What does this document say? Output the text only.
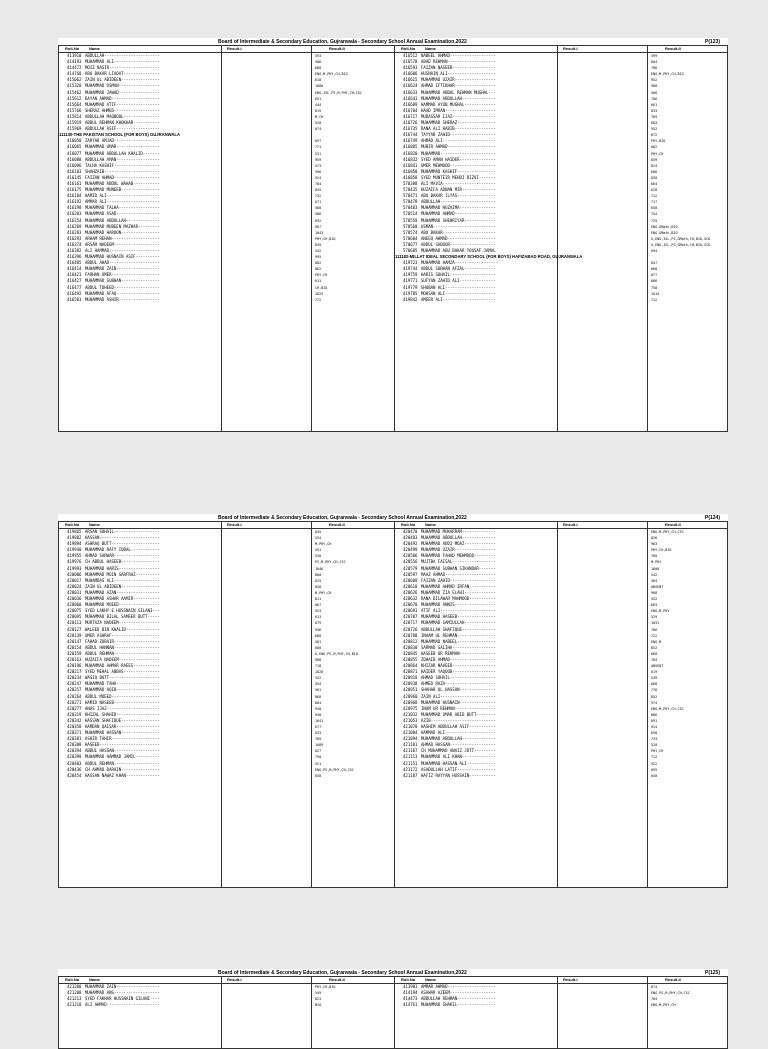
Board of Intermediate & Secondary Education, Gujranwala - Secondary School Annual Examination,2022	P(123)
Roll-No Name	Result-I	Result-II
413910 ABDULLAH-----------------------	593
414193 MUHAMMAD ALI-------------------	506
414472 MOIZ NASIR---------------------	688
414760 ABU BAKAR LIAQAT---------------	ENG,M,PHY,CH,BIO
415062 ZAIN UL ABIDEEN----------------	610
415320 MUHAMMAD USMAN-----------------	1088
415462 MUHAMMAD JAWAD-----------------	ENG,ISL,PS,M,PHY,CH,CSC
415612 DAYAN AHMAD--------------------	651
415664 MUHAMMAD ATIF------------------	444
415766 SHERAZ AHMED-------------------	819
415814 ABDULLAH MAQBOOL---------------	M,CH
415919 ABDUL REHMAN KHOKHAR-----------	520
415969 ABDULLAH ASIF------------------	874
111130-THE PAKISTAN SCHOOL (FOR BOYS) GUJRANWALA
416050 ZARYAB AMJAD-------------------	697
416065 MUHAMMAD UMAR------------------	771
416077 MUHAMMAD ABDULLAH KHALID-------	531
416088 ABDULLAH AMAN------------------	959
416096 TALHA KASHIF-------------------	573
416103 SHAHZAIB-----------------------	596
416145 FAIZAN AHMAD-------------------	924
416161 MUHAMMAD ABDUL WAHAB-----------	784
416175 MUHAMMAD MUNEEB----------------	845
416184 HAMID ALI----------------------	732
416192 AMMAR ALI----------------------	671
416198 MUHAMMAD TALHA-----------------	580
416203 MUHAMMAD ASAD------------------	586
416254 MUHAMMAD ABDULLAH--------------	692
416269 MUHAMMAD MUBEEN MAZHAR---------	907
416283 MUHAMMAD HAROON----------------	1043
416293 ARHAM REHAN--------------------	PHY,CH,BIO
416374 ARSAM NADEEM-------------------	849
416382 ALI HAMMAD---------------------	542
416396 MUHAMMAD HUSNAIN ASIF----------	995
416405 ABDUL AHAD---------------------	882
416414 MUHAMMAD ZAIN------------------	862
416421 FARHAN UMER--------------------	PHY,CH
416427 MUHAMMAD SUBHAN----------------	611
416477 ABDUL TOHEED-------------------	CH,BIO
416492 MUHAMMAD AFAQ------------------	1025
416503 MUHAMMAD ASHIR-----------------	772
Roll-No Name	Result-I	Result-II
416512 NABEEL AHMAD-------------------	599
416578 ABAD REHMAN--------------------	604
416593 FAIZAN NASEER------------------	766
416606 HUSNAIN ALI--------------------	ENG,M,PHY,CH,BIO
416615 MUHAMMAD UZAIR-----------------	952
416624 AHMAD IFTIKHAR-----------------	908
416633 MUHAMMAD ABDUL REHMAN MUGHAL---	566
416641 MUHAMMAD ABDULLAH--------------	706
416689 HAMMAD AYUB MUGHAL-------------	661
416704 HAAD IMRAN---------------------	833
416717 MUDASSAR IJAZ------------------	769
416726 MUHAMMAD SHERAZ----------------	683
416735 RANA ALI HABIB-----------------	952
416744 TAYYAB ZAHID-------------------	672
416749 AHMAD ALI----------------------	PHY,BIO
416805 MUBIR AHMAD--------------------	682
416820 MUHAMMAD-----------------------	PHY,CH
416832 SYED AMAN HAIDER---------------	659
416841 UMER MEHMOOD-------------------	824
416850 MUHAMMAD KASHIF----------------	606
416858 SYED MUNTEIR MEHDI RIZVI-------	830
570388 ALI MAVIA----------------------	664
570435 HUZAIFA ADNAN MIR--------------	620
570471 ABU BAKAR ILYAS----------------	712
570478 ABDULLAH-----------------------	717
570483 MUHAMMAD HUZAIMA---------------	650
570514 MUHAMMAD AHMAD-----------------	754
570559 MUHAMMAD SHEHRIYAR-------------	725
570568 USMAN--------------------------	ENG,GMath,BIO
570574 ABU BAKAR----------------------	ENG,GMath,BIO
570604 ANEEQ AHMAD--------------------	U,ENG,ISL,PS,GMath,CH,BIO,SCO
570677 ABDUL SABOOR-------------------	U,ENG,ISL,PS,GMath,CH,BIO,SCO
570685 MUHAMMAD ABU BAKAR YOUSAF JAMAL	694
111182-MILLAT IDEAL SECONDARY SCHOOL (FOR BOYS) HAFIZABAD ROAD, GUJRANWALA
419723 MUHAMMAD HAMZA------------------	847
419744 ABDUL SUBHAN AFZAL-------------	668
419759 HARIS SOHAIL-------------------	877
419771 SUFYAN ZAHID ALI---------------	666
419779 SHUBAN ALI---------------------	750
419785 MOHSAN ALI---------------------	1015
419842 AMEER ALI----------------------	712
Board of Intermediate & Secondary Education, Gujranwala - Secondary School Annual Examination,2022	P(124)
Roll-No Name	Result-I	Result-II
419865 ARSAN SOHAIL-------------------	845
419882 HASSAN-------------------------	534
419894 ASHRAQ BUTT--------------------	M,PHY,CH
419940 MUHAMMAD RAFY IQBAL------------	591
419955 AHMAD SARWAR-------------------	530
419976 CH ABDUL HASEEB----------------	PS,M,PHY,CH,CSC
419993 MUHAMMAD HARIS-----------------	1046
420006 MUHAMMAD MOIN SARFRAZ----------	800
420017 MUHAMDAS ALI-------------------	625
420024 ZAIN UL ABIDEEN----------------	858
420031 MUHAMMAD AZAN------------------	M,PHY,CH
420036 MUHAMMAD ASHAR AAMIR-----------	811
420060 MUHAMMAD MOEED-----------------	867
420075 SYED LAKHY E HUSSNAIN GILANI---	924
420095 MUHAMMAD BILAL SAMEER BUTT-----	613
420113 MURTAZA NADEEM-----------------	679
420127 WALEED BIN KHALID--------------	936
420139 UMER ASHRAF--------------------	688
420147 FAHAD ZUBAIR-------------------	581
420154 ABDUL HANNAN-------------------	600
420159 ABDUL REHMAN-------------------	U,ENG,PS,M,PHY,CH,BIO
420163 HUZAIFA NADEEM-----------------	988
420196 MUHAMMAD AHMAR RAEES-----------	718
420217 SYED MEHAL ABBAS---------------	1028
420234 WASIQ BUTT---------------------	522
420247 MUHAMMAD TAHA------------------	554
420257 MUHAMMAD AQIB------------------	501
420264 ABDUL MOEED--------------------	868
420271 HAMID NASEEB-------------------	804
420277 ANAS IJAZ----------------------	940
420319 KHIZAL SHAHID------------------	948
420342 HASSAN SHAFIQUE----------------	1041
420358 HAMDAN QAISAR------------------	677
420371 MUHAMMAD HASSAN----------------	833
420381 ASHIR TAHIR--------------------	789
420388 HASEEB-------------------------	1089
420394 ABDUL HASSAN-------------------	827
420399 MUHAMMAD HAMMAD JAMIL----------	790
420403 ABDUL REHMAN-------------------	521
420436 CH AHMAD DARAIN----------------	ENG,PS,M,PHY,CH,CSC
420454 HASSAN NAWAZ KHAN--------------	658
Roll-No Name	Result-I	Result-II
420470 MUHAMMAD MUKARRAM--------------	ENG,M,PHY,CH,CSC
420483 MUHAMMAD ABDULLAH--------------	826
420492 MUHAMMAD ADDI MOAZ-------------	963
420499 MUHAMMAD UZAIR-----------------	PHY,CH,BIO
420506 MUHAMMAD FAHAD MEHMOOD---------	760
420556 MUJTBA FAISAL------------------	M,PHY
420579 MUHAMMAD SUBHAN SIKANDAR-------	1000
420597 MAAZ AHMAD---------------------	542
420609 FAIZAN ZAHID-------------------	564
420618 MUHAMMAD AHMAD IRFAN-----------	ABSENT
420626 MUHAMMAD ZIA ELAHI-------------	968
420632 RANA DILAWAR MAHMOOD-----------	552
420670 MUHAMMAD ANNIS-----------------	663
420691 ATIF ALI-----------------------	ENG,M,PHY
420707 MUHAMMAD HASEEB----------------	529
420717 MUHAMMAD SAMIULLAH-------------	1031
420726 ABDULLAH SHAFIQUE--------------	766
420788 INAAM UL REHMAN----------------	722
420812 MUHAMMAD NABEEL----------------	ENG,M
420830 SARMAD SALIHA------------------	852
420845 HASEEB UR REHMAN---------------	660
420855 ZOHAIB AHMAD-------------------	784
420864 KHIZAR NAVEED------------------	ABSENT
420871 HAIDER YAQOOB------------------	619
420918 AHMAD SOHAIL-------------------	539
420938 AHMED RAZA---------------------	668
420951 SHAHAB UL HASSAN---------------	776
420960 ZAIN ALI-----------------------	852
420968 MUHAMMAD HUSNAIN---------------	974
420975 INAM UR REHMAN-----------------	ENG,M,PHY,CH,CSC
421032 MUHAMMAD UMAR ABID BUTT--------	886
421053 AZIB---------------------------	691
421070 HASHIM ABDULLAH ASIF-----------	924
421084 HAMMAD ALI---------------------	658
421094 MUHAMMAD ABDULLAH--------------	733
421101 AHMAD HASSAN-------------------	520
421107 CH MUHAMMAD AWAIZ JUTT---------	PHY,CH
421113 MUHAMMAD ALI KHAN--------------	712
421151 MUHAMMAD HASSAN ALI------------	922
421172 ASADULLAH LATIF----------------	695
421187 HAFIZ RAYYAN HUSSAIN-----------	650
Board of Intermediate & Secondary Education, Gujranwala - Secondary School Annual Examination,2022	P(125)
Roll-No Name	Result-I	Result-II
421200 MUHAMMAD ZAIN------------------	PHY,CH,BIO
421208 MUHAMMAD ANS-------------------	549
421213 SYED FAKHAR HUSSNAIN GILANI----	823
421218 ALI AHMAD----------------------	BIO
Roll-No Name	Result-I	Result-II
413901 AMMAR AHMAD--------------------	674
414194 ASAWAR AZEEM-------------------	ENG,PS,M,PHY,CH,CSC
414473 ABDULLAH REHMAN----------------	784
414761 MUHAMMAD SHAKIL----------------	ENG,M,PHY,CH
